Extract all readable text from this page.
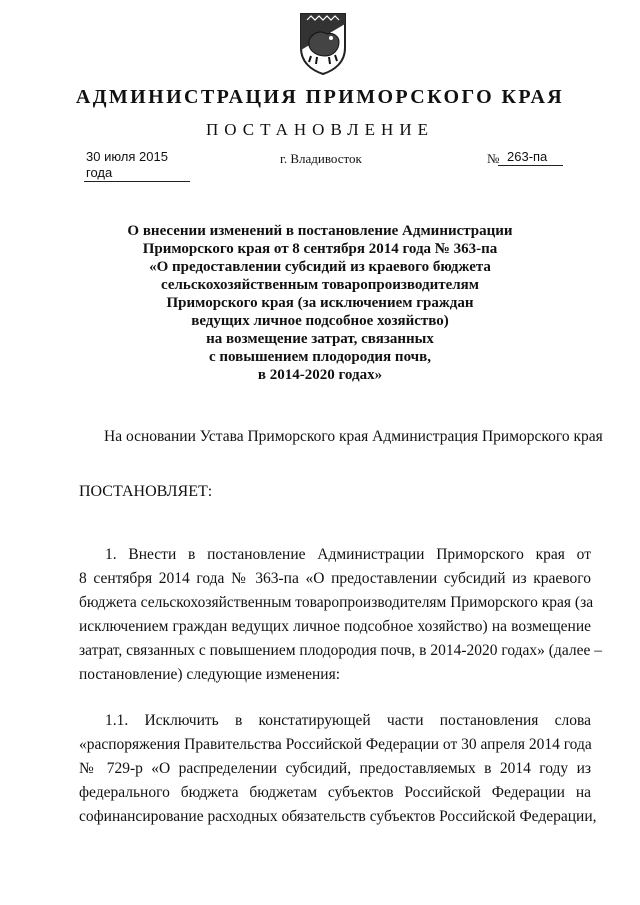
АДМИНИСТРАЦИЯ ПРИМОРСКОГО КРАЯ
ПОСТАНОВЛЕНИЕ
30 июля 2015 года
г. Владивосток	№ 263-па
О внесении изменений в постановление Администрации
Приморского края от 8 сентября 2014 года № 363-па
«О предоставлении субсидий из краевого бюджета
сельскохозяйственным товаропроизводителям
Приморского края (за исключением граждан
ведущих личное подсобное хозяйство)
на возмещение затрат, связанных
с повышением плодородия почв,
в 2014-2020 годах»
На основании Устава Приморского края Администрация Приморского края
ПОСТАНОВЛЯЕТ:
1. Внести в постановление Администрации Приморского края от
8 сентября 2014 года № 363-па «О предоставлении субсидий из краевого
бюджета сельскохозяйственным товаропроизводителям Приморского края (за
исключением граждан ведущих личное подсобное хозяйство) на возмещение
затрат, связанных с повышением плодородия почв, в 2014-2020 годах» (далее –
постановление) следующие изменения:
1.1. Исключить в констатирующей части постановления слова
«распоряжения Правительства Российской Федерации от 30 апреля 2014 года
№ 729-р «О распределении субсидий, предоставляемых в 2014 году из
федерального бюджета бюджетам субъектов Российской Федерации на
софинансирование расходных обязательств субъектов Российской Федерации,
